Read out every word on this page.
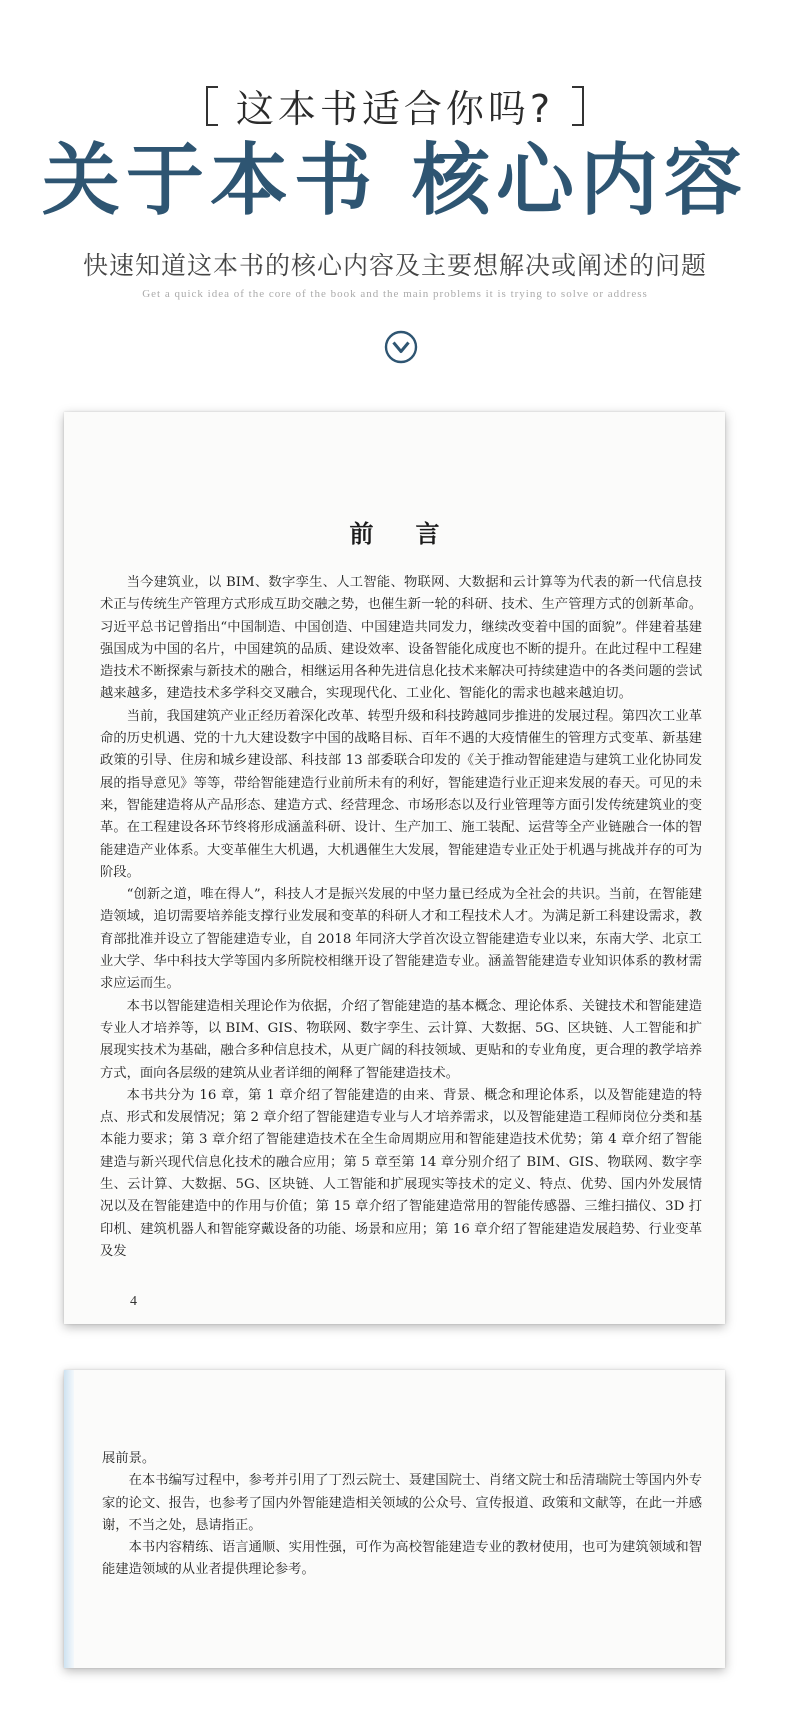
这本书适合你吗?
关于本书 核心内容
快速知道这本书的核心内容及主要想解决或阐述的问题
Get a quick idea of the core of the book and the main problems it is trying to solve or address
前言

当今建筑业，以 BIM、数字孪生、人工智能、物联网、大数据和云计算等为代表的新一代信息技术正与传统生产管理方式形成互助交融之势，也催生新一轮的科研、技术、生产管理方式的创新革命。习近平总书记曾指出“中国制造、中国创造、中国建造共同发力，继续改变着中国的面貌”。伴建着基建强国成为中国的名片，中国建筑的品质、建设效率、设备智能化成度也不断的提升。在此过程中工程建造技术不断探索与新技术的融合，相继运用各种先进信息化技术来解决可持续建造中的各类问题的尝试越来越多，建造技术多学科交叉融合，实现现代化、工业化、智能化的需求也越来越迫切。

当前，我国建筑产业正经历着深化改革、转型升级和科技跨越同步推进的发展过程。第四次工业革命的历史机遇、党的十九大建设数字中国的战略目标、百年不遇的大疫情催生的管理方式变革、新基建政策的引导、住房和城乡建设部、科技部 13 部委联合印发的《关于推动智能建造与建筑工业化协同发展的指导意见》等等，带给智能建造行业前所未有的利好，智能建造行业正迎来发展的春天。可见的未来，智能建造将从产品形态、建造方式、经营理念、市场形态以及行业管理等方面引发传统建筑业的变革。在工程建设各环节终将形成涵盖科研、设计、生产加工、施工装配、运营等全产业链融合一体的智能建造产业体系。大变革催生大机遇，大机遇催生大发展，智能建造专业正处于机遇与挑战并存的可为阶段。

“创新之道，唯在得人”，科技人才是振兴发展的中坚力量已经成为全社会的共识。当前，在智能建造领域，追切需要培养能支撑行业发展和变革的科研人才和工程技术人才。为满足新工科建设需求，教育部批准并设立了智能建造专业，自 2018 年同济大学首次设立智能建造专业以来，东南大学、北京工业大学、华中科技大学等国内多所院校相继开设了智能建造专业。涵盖智能建造专业知识体系的教材需求应运而生。

本书以智能建造相关理论作为依据，介绍了智能建造的基本概念、理论体系、关键技术和智能建造专业人才培养等，以 BIM、GIS、物联网、数字孪生、云计算、大数据、5G、区块链、人工智能和扩展现实技术为基础，融合多种信息技术，从更广阔的科技领域、更贴和的专业角度，更合理的教学培养方式，面向各层级的建筑从业者详细的阐释了智能建造技术。

本书共分为 16 章，第 1 章介绍了智能建造的由来、背景、概念和理论体系，以及智能建造的特点、形式和发展情况；第 2 章介绍了智能建造专业与人才培养需求，以及智能建造工程师岗位分类和基本能力要求；第 3 章介绍了智能建造技术在全生命周期应用和智能建造技术优势；第 4 章介绍了智能建造与新兴现代信息化技术的融合应用；第 5 章至第 14 章分别介绍了 BIM、GIS、物联网、数字孪生、云计算、大数据、5G、区块链、人工智能和扩展现实等技术的定义、特点、优势、国内外发展情况以及在智能建造中的作用与价值；第 15 章介绍了智能建造常用的智能传感器、三维扫描仪、3D 打印机、建筑机器人和智能穿戴设备的功能、场景和应用；第 16 章介绍了智能建造发展趋势、行业变革及发

4

展前景。

在本书编写过程中，参考并引用了丁烈云院士、聂建国院士、肖绪文院士和岳清瑞院士等国内外专家的论文、报告，也参考了国内外智能建造相关领域的公众号、宣传报道、政策和文献等，在此一并感谢，不当之处，恳请指正。

本书内容精练、语言通顺、实用性强，可作为高校智能建造专业的教材使用，也可为建筑领域和智能建造领域的从业者提供理论参考。
